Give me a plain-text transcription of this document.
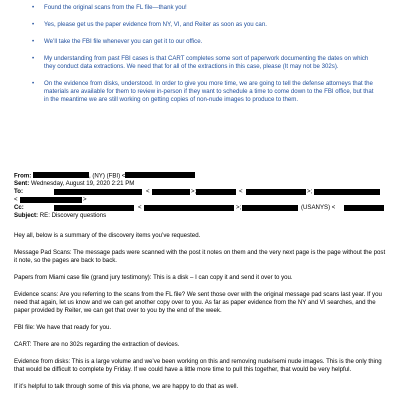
• Found the original scans from the FL file—thank you!
• Yes, please get us the paper evidence from NY, VI, and Reiter as soon as you can.
• We’ll take the FBI file whenever you can get it to our office.
• My understanding from past FBI cases is that CART completes some sort of paperwork documenting the dates on which they conduct data extractions. We need that for all of the extractions in this case, please (It may not be 302s).
• On the evidence from disks, understood. In order to give you more time, we are going to tell the defense attorneys that the materials are available for them to review in-person if they want to schedule a time to come down to the FBI office, but that in the meantime we are still working on getting copies of non-nude images to produce to them.
From:	, (NY) (FBI) <
Sent: Wednesday, August 19, 2020 2:21 PM
To:	<	>;	<	>;
<	>
Cc:	<	>;	(USANYS) <
Subject: RE: Discovery questions

Hey all, below is a summary of the discovery items you’ve requested.

Message Pad Scans: The message pads were scanned with the post it notes on them and the very next page is the page without the post it note, so the pages are back to back.

Papers from Miami case file (grand jury testimony): This is a disk – I can copy it and send it over to you.

Evidence scans: Are you referring to the scans from the FL file? We sent those over with the original message pad scans last year. If you need that again, let us know and we can get another copy over to you. As far as paper evidence from the NY and VI searches, and the paper provided by Reiter, we can get that over to you by the end of the week.

FBI file: We have that ready for you.

CART: There are no 302s regarding the extraction of devices.

Evidence from disks: This is a large volume and we’ve been working on this and removing nude/semi nude images. This is the only thing that would be difficult to complete by Friday. If we could have a little more time to pull this together, that would be very helpful.

If it’s helpful to talk through some of this via phone, we are happy to do that as well.
